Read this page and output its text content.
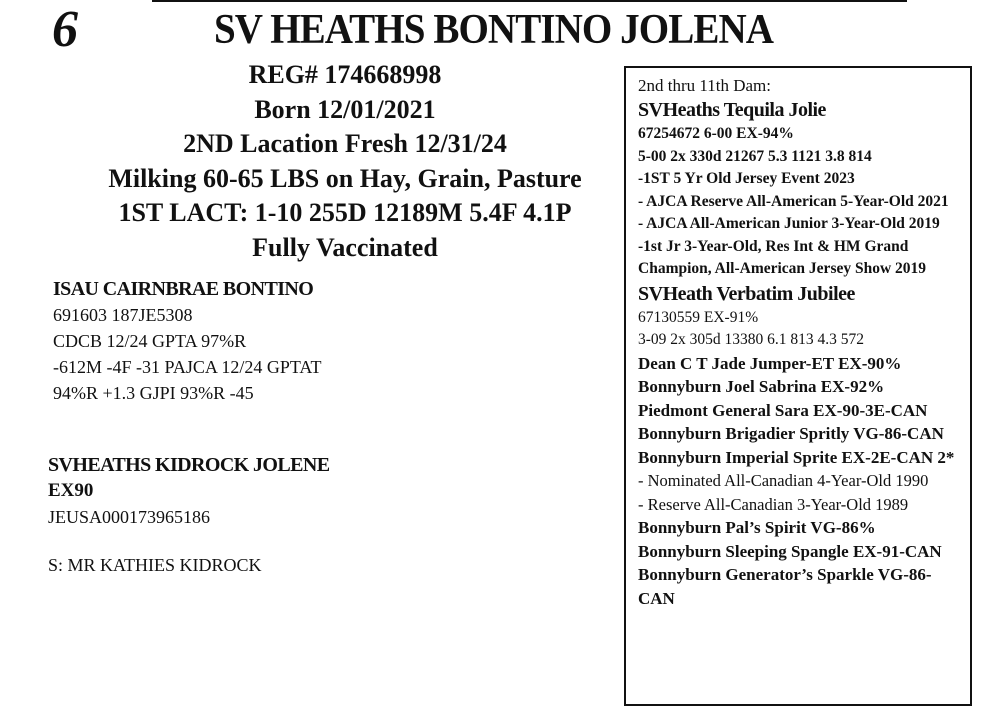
6	SV HEATHS BONTINO JOLENA
REG# 174668998
Born 12/01/2021
2ND Lacation Fresh 12/31/24
Milking 60-65 LBS on Hay, Grain, Pasture
1ST LACT: 1-10 255D 12189M 5.4F 4.1P
Fully Vaccinated
ISAU CAIRNBRAE BONTINO
691603 187JE5308
CDCB 12/24 GPTA 97%R
-612M -4F -31 PAJCA 12/24 GPTAT
94%R +1.3 GJPI 93%R -45
SVHEATHS KIDROCK JOLENE
EX90
JEUSA000173965186
S: MR KATHIES KIDROCK
2nd thru 11th Dam:
SVHeaths Tequila Jolie
67254672 6-00 EX-94%
5-00 2x 330d 21267 5.3 1121 3.8 814
-1ST 5 Yr Old Jersey Event 2023
- AJCA Reserve All-American 5-Year-Old 2021
- AJCA All-American Junior 3-Year-Old 2019
-1st Jr 3-Year-Old, Res Int & HM Grand Champion, All-American Jersey Show 2019
SVHeath Verbatim Jubilee
67130559 EX-91%
3-09 2x 305d 13380 6.1 813 4.3 572
Dean C T Jade Jumper-ET EX-90%
Bonnyburn Joel Sabrina EX-92%
Piedmont General Sara EX-90-3E-CAN
Bonnyburn Brigadier Spritly VG-86-CAN
Bonnyburn Imperial Sprite EX-2E-CAN 2*
- Nominated All-Canadian 4-Year-Old 1990
- Reserve All-Canadian 3-Year-Old 1989
Bonnyburn Pal’s Spirit VG-86%
Bonnyburn Sleeping Spangle EX-91-CAN
Bonnyburn Generator’s Sparkle VG-86-CAN
